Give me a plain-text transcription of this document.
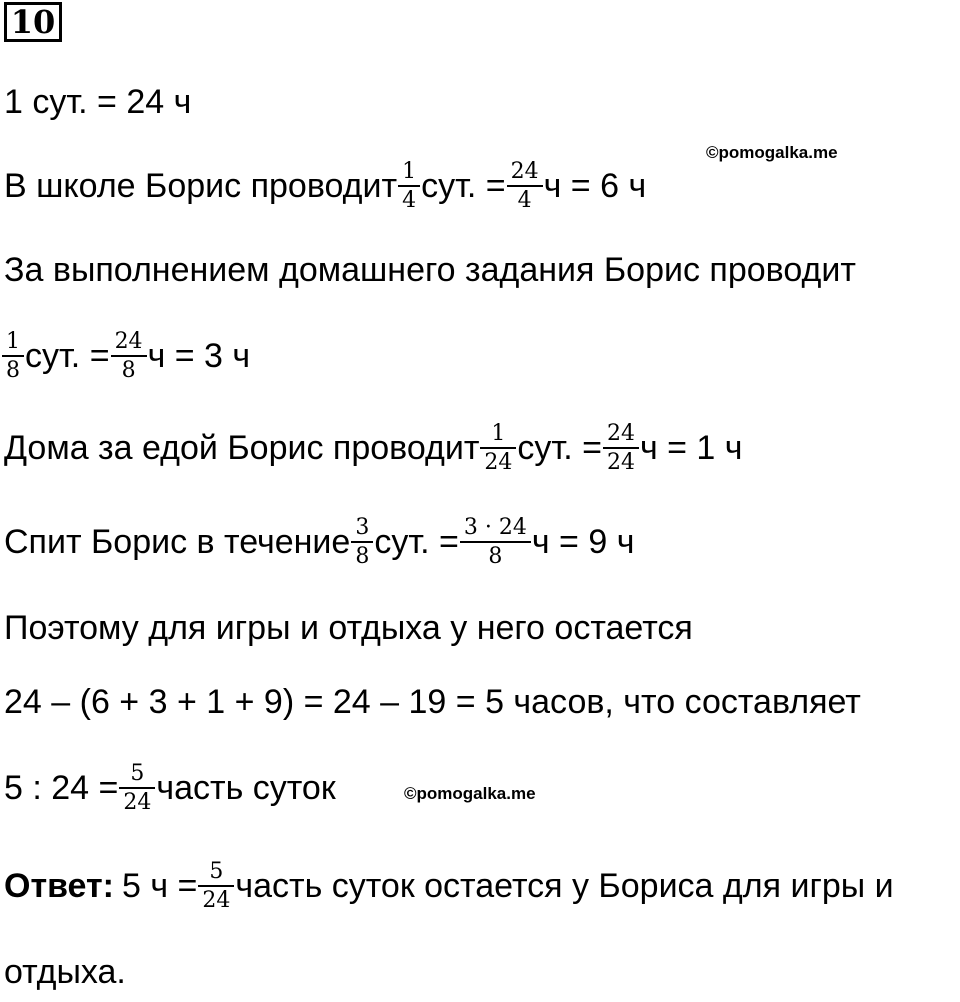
10
1 сут. = 24 ч
©pomogalka.me
В школе Борис проводит $\frac{1}{4}$ сут. = $\frac{24}{4}$ ч = 6 ч
За выполнением домашнего задания Борис проводит
$\frac{1}{8}$ сут. = $\frac{24}{8}$ ч = 3 ч
Дома за едой Борис проводит $\frac{1}{24}$ сут. = $\frac{24}{24}$ ч = 1 ч
Спит Борис в течение $\frac{3}{8}$ сут. = $\frac{3 \cdot 24}{8}$ ч = 9 ч
Поэтому для игры и отдыха у него остается
24 – (6 + 3 + 1 + 9) = 24 – 19 = 5 часов, что составляет
5 : $24 = \frac{5}{24}$ часть суток	©pomogalka.me
Ответ: 5 $ч = \frac{5}{24}$ часть суток остается у Бориса для игры и
отдыха.
